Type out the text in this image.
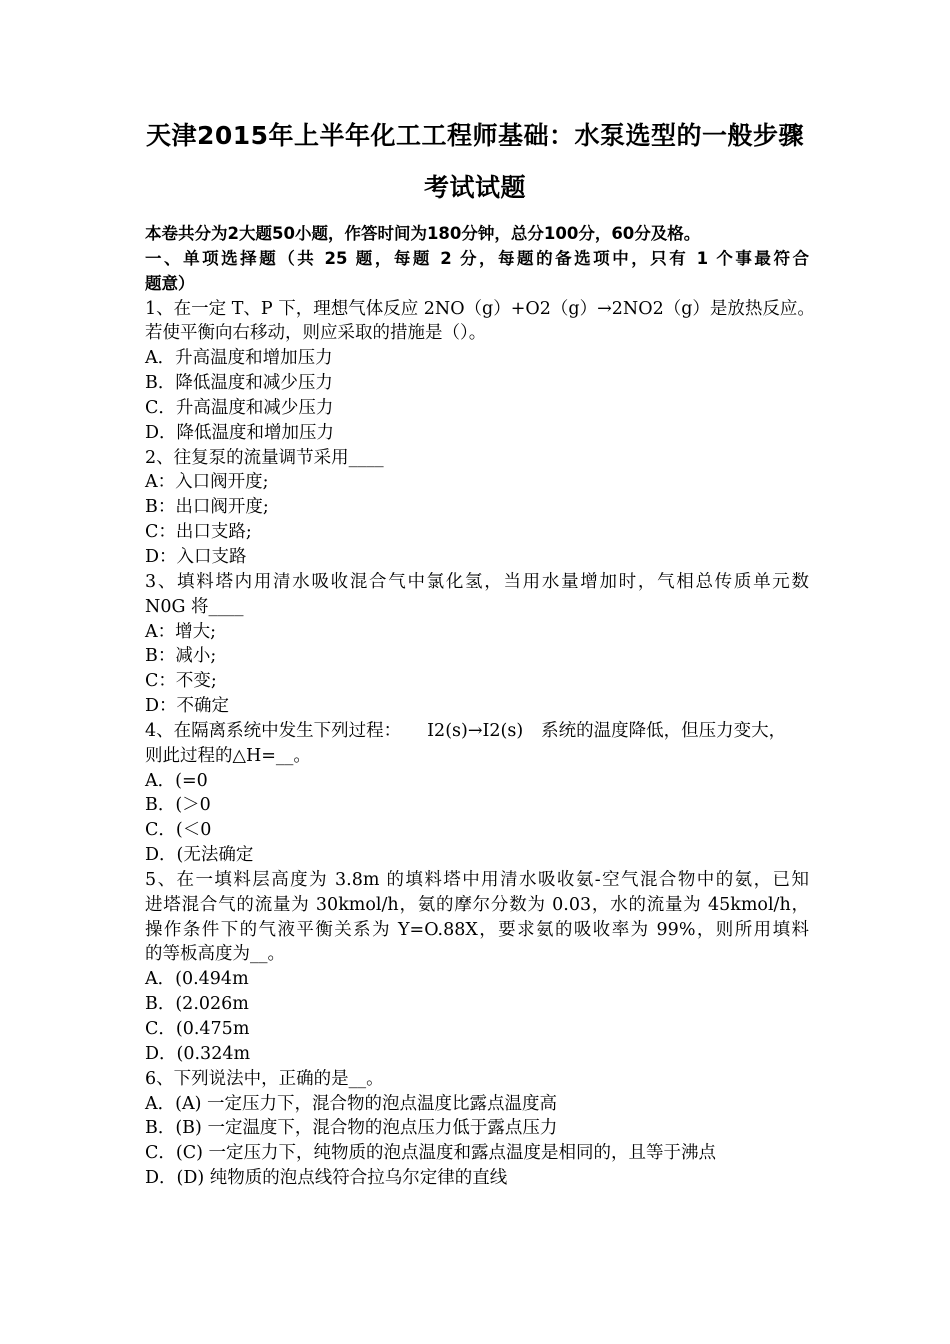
天津2015年上半年化工工程师基础：水泵选型的一般步骤
考试试题
本卷共分为2大题50小题，作答时间为180分钟，总分100分，60分及格。
一、单项选择题（共 25 题，每题 2 分，每题的备选项中，只有 1 个事最符合
题意）
1、在一定 T、P 下，理想气体反应 2NO（g）+O2（g）→2NO2（g）是放热反应。
若使平衡向右移动，则应采取的措施是（）。
A．升高温度和增加压力
B．降低温度和减少压力
C．升高温度和减少压力
D．降低温度和增加压力
2、往复泵的流量调节采用____
A：入口阀开度;
B：出口阀开度;
C：出口支路;
D：入口支路
3、填料塔内用清水吸收混合气中氯化氢，当用水量增加时，气相总传质单元数
N0G 将____
A：增大;
B：减小;
C：不变;
D：不确定
4、在隔离系统中发生下列过程： I2(s)→I2(s) 系统的温度降低，但压力变大，
则此过程的△H=__。
A．(=0
B．(＞0
C．(＜0
D．(无法确定
5、在一填料层高度为 3.8m 的填料塔中用清水吸收氨-空气混合物中的氨，已知
进塔混合气的流量为 30kmol/h，氨的摩尔分数为 0.03，水的流量为 45kmol/h，
操作条件下的气液平衡关系为 Y=O.88X，要求氨的吸收率为 99%，则所用填料
的等板高度为__。
A．(0.494m
B．(2.026m
C．(0.475m
D．(0.324m
6、下列说法中，正确的是__。
A．(A) 一定压力下，混合物的泡点温度比露点温度高
B．(B) 一定温度下，混合物的泡点压力低于露点压力
C．(C) 一定压力下，纯物质的泡点温度和露点温度是相同的，且等于沸点
D．(D) 纯物质的泡点线符合拉乌尔定律的直线
